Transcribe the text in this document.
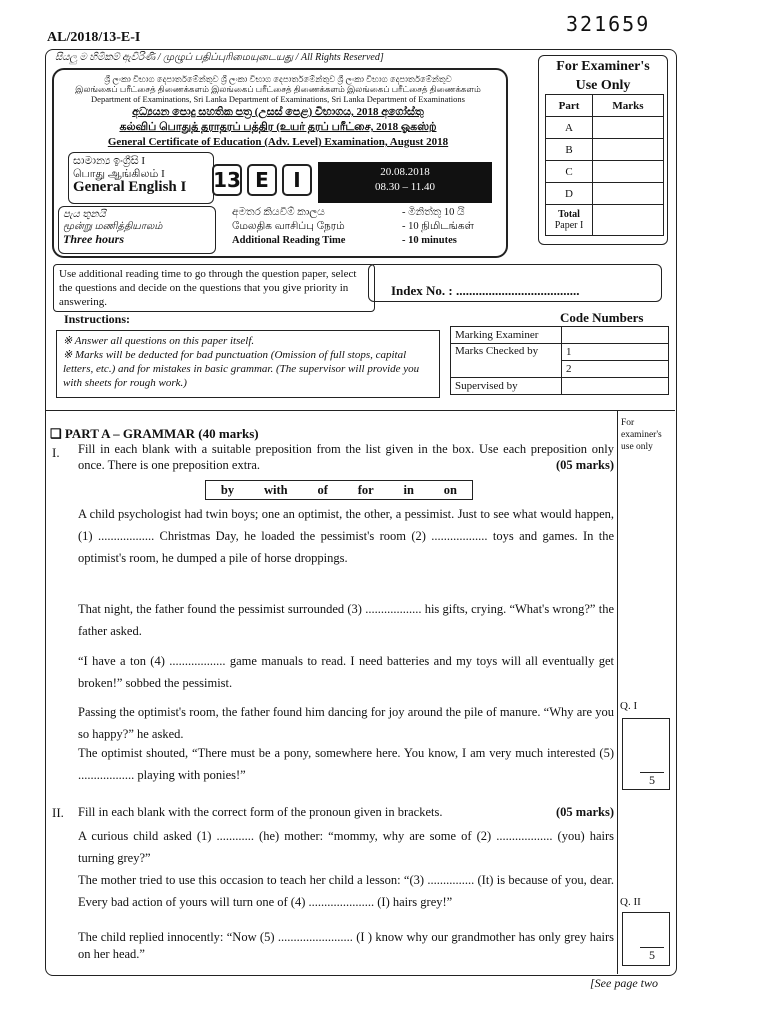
321659
AL/2018/13-E-I
සියලු ම හිමිකම් ඇවිරිණි / முழுப் பதிப்புரிமையுடையது / All Rights Reserved]
ශ්‍රී ලංකා විභාග දෙපාර්තමේන්තුව ශ්‍රී ලංකා විභාග දෙපාර්තමේන්තුව ශ්‍රී ලංකා විභාග දෙපාර්තමේන්තුව
இலங்கைப் பரீட்சைத் திணைக்களம் இலங்கைப் பரீட்சைத் திணைக்களம் இலங்கைப் பரீட்சைத் திணைக்களம்
Department of Examinations, Sri Lanka Department of Examinations, Sri Lanka Department of Examinations
අධ්‍යයන පොදු සහතික පත්‍ර (උසස් පෙළ) විභාගය, 2018 අගෝස්තු
கல்விப் பொதுத் தராதரப் பத்திர (உயர் தரப் பரீட்சை, 2018 ஓகஸ்ற்
General Certificate of Education (Adv. Level) Examination, August 2018
සාමාන්‍ය ඉංග්‍රීසි I
பொது ஆங்கிலம் I
General English I	13 E	I	20.08.2018
08.30 – 11.40
පැය තුනයි
மூன்று மணித்தியாலம்
Three hours
අමතර කියවීම් කාලය	- මිනිත්තු 10 යි
மேலதிக வாசிப்பு நேரம்	- 10 நிமிடங்கள்
Additional Reading Time	- 10 minutes
For Examiner's
Use Only
Part	Marks
A	
B	
C	
D	
Total
Paper I	
Use additional reading time to go through the question paper, select the questions and decide on the questions that you give priority in answering.
Index No. : ......................................
Instructions:	Code Numbers
※ Answer all questions on this paper itself.
※ Marks will be deducted for bad punctuation (Omission of full stops, capital letters, etc.) and for mistakes in basic grammar. (The supervisor will provide you with sheets for rough work.)
Marking Examiner	
Marks Checked by	1
	2
Supervised by	
For examiner's use only
❑ PART A – GRAMMAR (40 marks)
I. Fill in each blank with a suitable preposition from the list given in the box. Use each preposition only once. There is one preposition extra.	(05 marks)
by with of for in on
A child psychologist had twin boys; one an optimist, the other, a pessimist. Just to see what would happen, (1) .................. Christmas Day, he loaded the pessimist's room (2) .................. toys and games. In the optimist's room, he dumped a pile of horse droppings.
That night, the father found the pessimist surrounded (3) .................. his gifts, crying. “What's wrong?” the father asked.
“I have a ton (4) .................. game manuals to read. I need batteries and my toys will all eventually get broken!” sobbed the pessimist.
Passing the optimist's room, the father found him dancing for joy around the pile of manure. “Why are you so happy?” he asked.
The optimist shouted, “There must be a pony, somewhere here. You know, I am very much interested (5) .................. playing with ponies!”
Q. I
5
II. Fill in each blank with the correct form of the pronoun given in brackets.	(05 marks)
A curious child asked (1) ............ (he) mother: “mommy, why are some of (2) .................. (you) hairs turning grey?”
The mother tried to use this occasion to teach her child a lesson: “(3) ............... (It) is because of you, dear. Every bad action of yours will turn one of (4) ..................... (I) hairs grey!”
The child replied innocently: “Now (5) ........................ (I ) know why our grandmother has only grey hairs on her head.”
Q. II
5
[See page two
